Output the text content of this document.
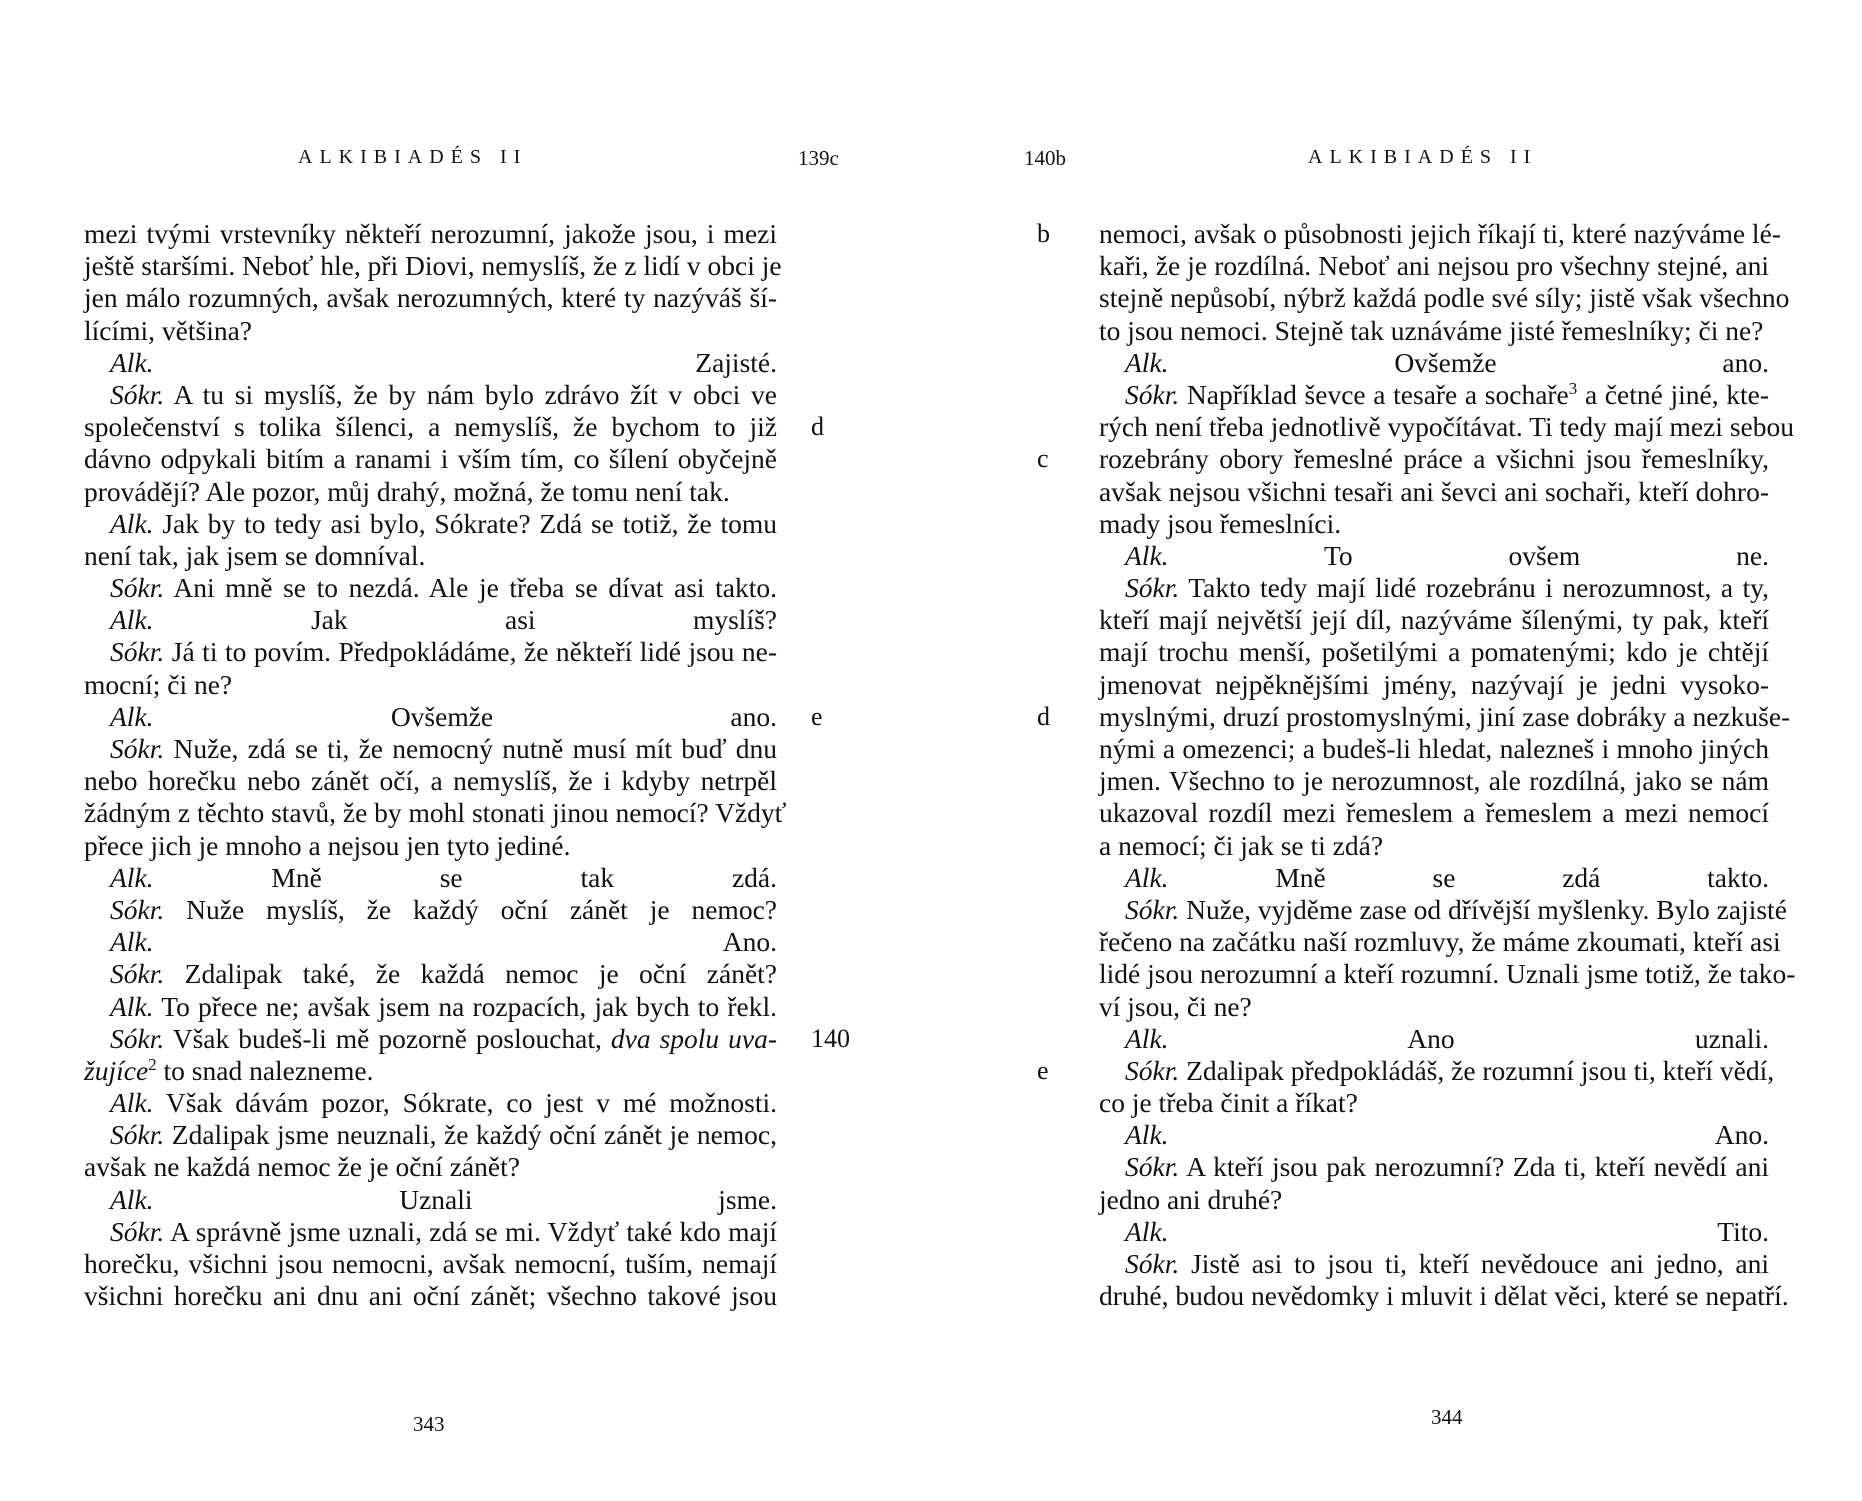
ALKIBIADÉS II	139c
mezi tvými vrstevníky někteří nerozumní, jakože jsou, i mezi
ještě staršími. Neboť hle, při Diovi, nemyslíš, že z lidí v obci je
jen málo rozumných, avšak nerozumných, které ty nazýváš ší-
lícími, většina?
Alk.	Zajisté.
Sókr. A tu si myslíš, že by nám bylo zdrávo žít v obci ve
společenství s tolika šílenci, a nemyslíš, že bychom to již d
dávno odpykali bitím a ranami i vším tím, co šílení obyčejně
provádějí? Ale pozor, můj drahý, možná, že tomu není tak.
Alk. Jak by to tedy asi bylo, Sókrate? Zdá se totiž, že tomu
není tak, jak jsem se domníval.
Sókr. Ani mně se to nezdá. Ale je třeba se dívat asi takto.
Alk.	Jak asi myslíš?
Sókr. Já ti to povím. Předpokládáme, že někteří lidé jsou ne-
mocní; či ne?
Alk.	Ovšemže ano. e
Sókr. Nuže, zdá se ti, že nemocný nutně musí mít buď dnu
nebo horečku nebo zánět očí, a nemyslíš, že i kdyby netrpěl
žádným z těchto stavů, že by mohl stonati jinou nemocí? Vždyť
přece jich je mnoho a nejsou jen tyto jediné.
Alk.	Mně se tak zdá.
Sókr. Nuže myslíš, že každý oční zánět je nemoc?
Alk.	Ano.
Sókr. Zdalipak také, že každá nemoc je oční zánět?
Alk. To přece ne; avšak jsem na rozpacích, jak bych to řekl.
Sókr. Však budeš-li mě pozorně poslouchat, dva spolu uva- 140
žujíce$^2$ to snad nalezneme.
Alk. Však dávám pozor, Sókrate, co jest v mé možnosti.
Sókr. Zdalipak jsme neuznali, že každý oční zánět je nemoc,
avšak ne každá nemoc že je oční zánět?
Alk.	Uznali jsme.
Sókr. A správně jsme uznali, zdá se mi. Vždyť také kdo mají
horečku, všichni jsou nemocni, avšak nemocní, tuším, nemají
všichni horečku ani dnu ani oční zánět; všechno takové jsou
343
140b	ALKIBIADÉS II
nemoci, avšak o působnosti jejich říkají ti, které nazýváme lé-
b
kaři, že je rozdílná. Neboť ani nejsou pro všechny stejné, ani
stejně nepůsobí, nýbrž každá podle své síly; jistě však všechno
to jsou nemoci. Stejně tak uznáváme jisté řemeslníky; či ne?
Alk.	Ovšemže ano.
Sókr. Například ševce a tesaře a sochaře$^3$ a četné jiné, kte-
rých není třeba jednotlivě vypočítávat. Ti tedy mají mezi sebou
rozebrány obory řemeslné práce a všichni jsou řemeslníky,
c
avšak nejsou všichni tesaři ani ševci ani sochaři, kteří dohro-
mady jsou řemeslníci.
Alk.	To ovšem ne.
Sókr. Takto tedy mají lidé rozebránu i nerozumnost, a ty,
kteří mají největší její díl, nazýváme šílenými, ty pak, kteří
mají trochu menší, pošetilými a pomatenými; kdo je chtějí
jmenovat nejpěknějšími jmény, nazývají je jedni vysoko-
myslnými, druzí prostomyslnými, jiní zase dobráky a nezkuše-
d
nými a omezenci; a budeš-li hledat, nalezneš i mnoho jiných
jmen. Všechno to je nerozumnost, ale rozdílná, jako se nám
ukazoval rozdíl mezi řemeslem a řemeslem a mezi nemocí
a nemocí; či jak se ti zdá?
Alk.	Mně se zdá takto.
Sókr. Nuže, vyjděme zase od dřívější myšlenky. Bylo zajisté
řečeno na začátku naší rozmluvy, že máme zkoumati, kteří asi
lidé jsou nerozumní a kteří rozumní. Uznali jsme totiž, že tako-
ví jsou, či ne?
Alk.	Ano uznali.
Sókr. Zdalipak předpokládáš, že rozumní jsou ti, kteří vědí,
e
co je třeba činit a říkat?
Alk.	Ano.
Sókr. A kteří jsou pak nerozumní? Zda ti, kteří nevědí ani
jedno ani druhé?
Alk.	Tito.
Sókr. Jistě asi to jsou ti, kteří nevědouce ani jedno, ani
druhé, budou nevědomky i mluvit i dělat věci, které se nepatří.
344
